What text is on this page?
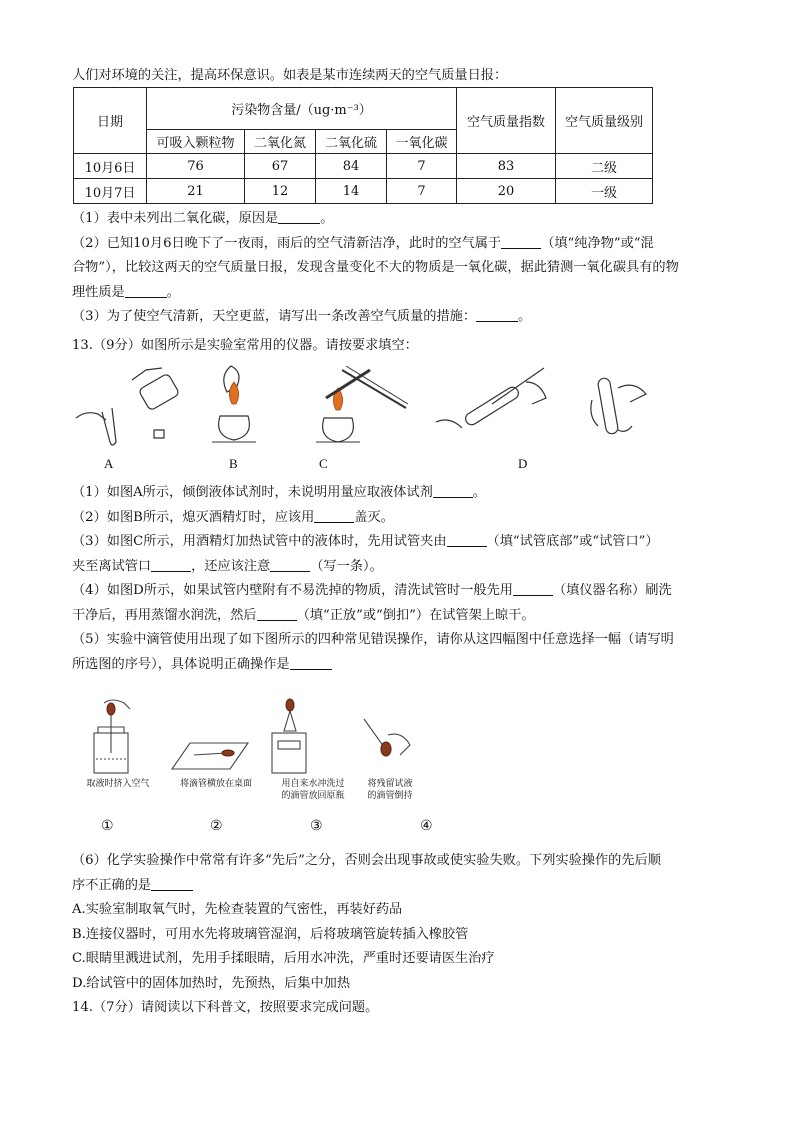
人们对环境的关注，提高环保意识。如表是某市连续两天的空气质量日报：
日期	污染物含量/（ug·m⁻³）				空气质量指数	空气质量级别
	可吸入颗粒物	二氧化氮	二氧化硫	一氧化碳		
10月6日	76	67	84	7	83	二级
10月7日	21	12	14	7	20	一级
（1）表中未列出二氧化碳，原因是	。
（2）已知10月6日晚下了一夜雨，雨后的空气清新洁净，此时的空气属于	（填“纯净物”或“混
合物”），比较这两天的空气质量日报，发现含量变化不大的物质是一氧化碳，据此猜测一氧化碳具有的物
理性质是	。
（3）为了使空气清新，天空更蓝，请写出一条改善空气质量的措施：	。
13.（9分）如图所示是实验室常用的仪器。请按要求填空：
A	B	C	D
（1）如图A所示，倾倒液体试剂时，未说明用量应取液体试剂	。
（2）如图B所示，熄灭酒精灯时，应该用	盖灭。
（3）如图C所示，用酒精灯加热试管中的液体时，先用试管夹由	（填“试管底部”或“试管口”）
夹至离试管口	，还应该注意	（写一条）。
（4）如图D所示，如果试管内壁附有不易洗掉的物质，清洗试管时一般先用	（填仪器名称）刷洗
干净后，再用蒸馏水润洗，然后	（填“正放”或“倒扣”）在试管架上晾干。
（5）实验中滴管使用出现了如下图所示的四种常见错误操作，请你从这四幅图中任意选择一幅（请写明
所选图的序号），具体说明正确操作是
取液时挤入空气	将滴管横放在桌面	用自来水冲洗过
的滴管放回原瓶
将残留试液
的滴管倒持
①	②	③	④
（6）化学实验操作中常常有许多“先后”之分，否则会出现事故或使实验失败。下列实验操作的先后顺
序不正确的是
A.实验室制取氧气时，先检查装置的气密性，再装好药品
B.连接仪器时，可用水先将玻璃管湿润，后将玻璃管旋转插入橡胶管
C.眼睛里溅进试剂，先用手揉眼睛，后用水冲洗，严重时还要请医生治疗
D.给试管中的固体加热时，先预热，后集中加热
14.（7分）请阅读以下科普文，按照要求完成问题。
